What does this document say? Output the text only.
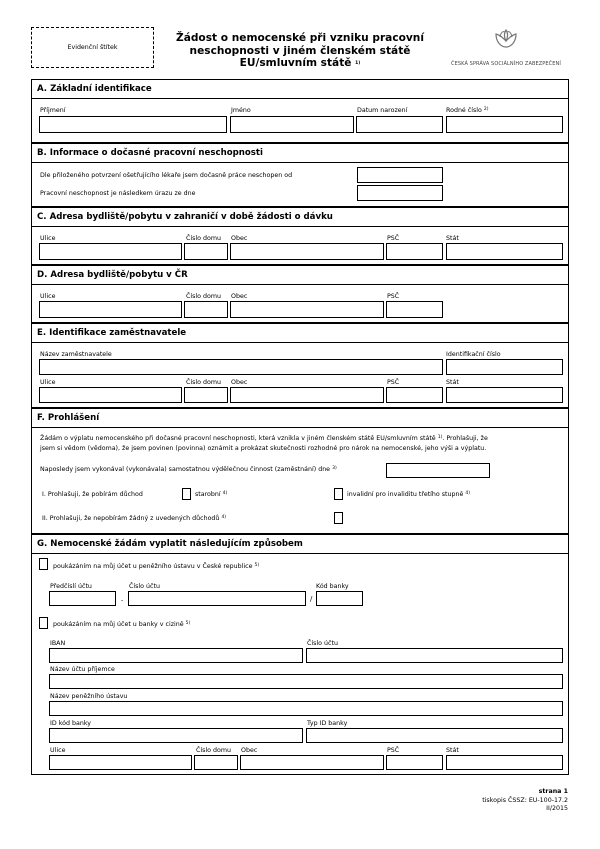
Evidenční štítek
Žádost o nemocenské při vzniku pracovní
neschopnosti v jiném členském státě
EU/smluvním státě $^{1)}$	ČESKÁ SPRÁVA SOCIÁLNÍHO ZABEZPEČENÍ
A. Základní identifikace
Příjmení	Jméno	Datum narození	Rodné číslo $^{2)}$
B. Informace o dočasné pracovní neschopnosti
Dle přiloženého potvrzení ošetřujícího lékaře jsem dočasně práce neschopen od
Pracovní neschopnost je následkem úrazu ze dne
C. Adresa bydliště/pobytu v zahraničí v době žádosti o dávku
Ulice	Číslo domu Obec	PSČ	Stát
D. Adresa bydliště/pobytu v ČR
Ulice	Číslo domu Obec	PSČ
E. Identifikace zaměstnavatele
Název zaměstnavatele	Identifikační číslo
Ulice	Číslo domu Obec	PSČ	Stát
F. Prohlášení
Žádám o výplatu nemocenského při dočasné pracovní neschopnosti, která vznikla v jiném členském státě EU/smluvním státě $^{1)}$. Prohlašuji, že
jsem si vědom (vědoma), že jsem povinen (povinna) oznámit a prokázat skutečnosti rozhodné pro nárok na nemocenské, jeho výši a výplatu.
Naposledy jsem vykonával (vykonávala) samostatnou výdělečnou činnost (zaměstnání) dne $^{3)}$
I. Prohlašuji, že pobírám důchod	starobní $^{4)}$	invalidní pro invaliditu třetího stupně $^{4)}$
II. Prohlašuji, že nepobírám žádný z uvedených důchodů $^{4)}$
G. Nemocenské žádám vyplatit následujícím způsobem
poukázáním na můj účet u peněžního ústavu v České republice $^{5)}$
Předčíslí účtu	Číslo účtu	Kód banky
-	/
poukázáním na můj účet u banky v cizině $^{5)}$
IBAN	Číslo účtu
Název účtu příjemce
Název peněžního ústavu
ID kód banky	Typ ID banky
Ulice	Číslo domu Obec	PSČ	Stát
strana 1
tiskopis ČSSZ: EU-100-17.2
II/2015
